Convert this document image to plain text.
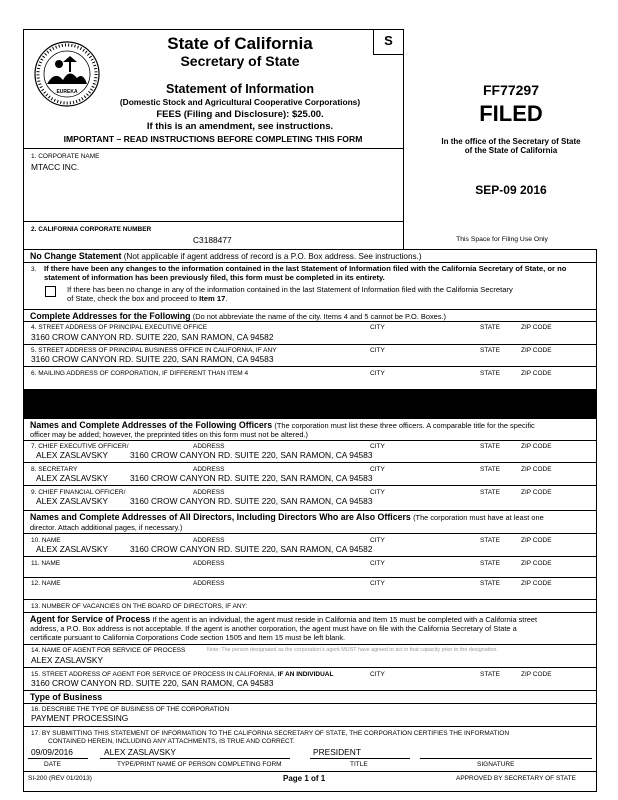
EUREKA
State of California
Secretary of State
S
Statement of Information
(Domestic Stock and Agricultural Cooperative Corporations)
FEES (Filing and Disclosure): $25.00.
If this is an amendment, see instructions.
IMPORTANT – READ INSTRUCTIONS BEFORE COMPLETING THIS FORM
FF77297
FILED
In the office of the Secretary of State
of the State of California
SEP-09 2016
This Space for Filing Use Only
1. CORPORATE NAME
MTACC INC.
2. CALIFORNIA CORPORATE NUMBER
C3188477
No Change Statement (Not applicable if agent address of record is a P.O. Box address. See instructions.)
3. If there have been any changes to the information contained in the last Statement of Information filed with the California Secretary of State, or no statement of information has been previously filed, this form must be completed in its entirety.
If there has been no change in any of the information contained in the last Statement of Information filed with the California Secretary
of State, check the box and proceed to Item 17.
Complete Addresses for the Following (Do not abbreviate the name of the city. Items 4 and 5 cannot be P.O. Boxes.)
4. STREET ADDRESS OF PRINCIPAL EXECUTIVE OFFICE	CITY	STATE	ZIP CODE
3160 CROW CANYON RD. SUITE 220, SAN RAMON, CA 94582
5. STREET ADDRESS OF PRINCIPAL BUSINESS OFFICE IN CALIFORNIA, IF ANY	CITY	STATE	ZIP CODE
3160 CROW CANYON RD. SUITE 220, SAN RAMON, CA 94583
6. MAILING ADDRESS OF CORPORATION, IF DIFFERENT THAN ITEM 4	CITY	STATE	ZIP CODE
Names and Complete Addresses of the Following Officers (The corporation must list these three officers. A comparable title for the specific
officer may be added; however, the preprinted titles on this form must not be altered.)
7. CHIEF EXECUTIVE OFFICER/	ADDRESS	CITY	STATE	ZIP CODE
ALEX ZASLAVSKY	3160 CROW CANYON RD. SUITE 220, SAN RAMON, CA 94583
8. SECRETARY	ADDRESS	CITY	STATE	ZIP CODE
ALEX ZASLAVSKY	3160 CROW CANYON RD. SUITE 220, SAN RAMON, CA 94583
9. CHIEF FINANCIAL OFFICER/	ADDRESS	CITY	STATE	ZIP CODE
ALEX ZASLAVSKY	3160 CROW CANYON RD. SUITE 220, SAN RAMON, CA 94583
Names and Complete Addresses of All Directors, Including Directors Who are Also Officers (The corporation must have at least one
director. Attach additional pages, if necessary.)
10. NAME	ADDRESS	CITY	STATE	ZIP CODE
ALEX ZASLAVSKY	3160 CROW CANYON RD. SUITE 220, SAN RAMON, CA 94582
11. NAME	ADDRESS	CITY	STATE	ZIP CODE
12. NAME	ADDRESS	CITY	STATE	ZIP CODE
13. NUMBER OF VACANCIES ON THE BOARD OF DIRECTORS, IF ANY:
Agent for Service of Process If the agent is an individual, the agent must reside in California and Item 15 must be completed with a California street
address, a P.O. Box address is not acceptable. If the agent is another corporation, the agent must have on file with the California Secretary of State a
certificate pursuant to California Corporations Code section 1505 and Item 15 must be left blank.
14. NAME OF AGENT FOR SERVICE OF PROCESS	Note: The person designated as the corporation's agent MUST have agreed to act in that capacity prior to the designation.
ALEX ZASLAVSKY
15. STREET ADDRESS OF AGENT FOR SERVICE OF PROCESS IN CALIFORNIA, IF AN INDIVIDUAL	CITY	STATE	ZIP CODE
3160 CROW CANYON RD. SUITE 220, SAN RAMON, CA 94583
Type of Business
16. DESCRIBE THE TYPE OF BUSINESS OF THE CORPORATION
PAYMENT PROCESSING
17. BY SUBMITTING THIS STATEMENT OF INFORMATION TO THE CALIFORNIA SECRETARY OF STATE, THE CORPORATION CERTIFIES THE INFORMATION
CONTAINED HEREIN, INCLUDING ANY ATTACHMENTS, IS TRUE AND CORRECT.
09/09/2016	ALEX ZASLAVSKY	PRESIDENT
DATE	TYPE/PRINT NAME OF PERSON COMPLETING FORM	TITLE	SIGNATURE
SI-200 (REV 01/2013)	Page 1 of 1	APPROVED BY SECRETARY OF STATE
